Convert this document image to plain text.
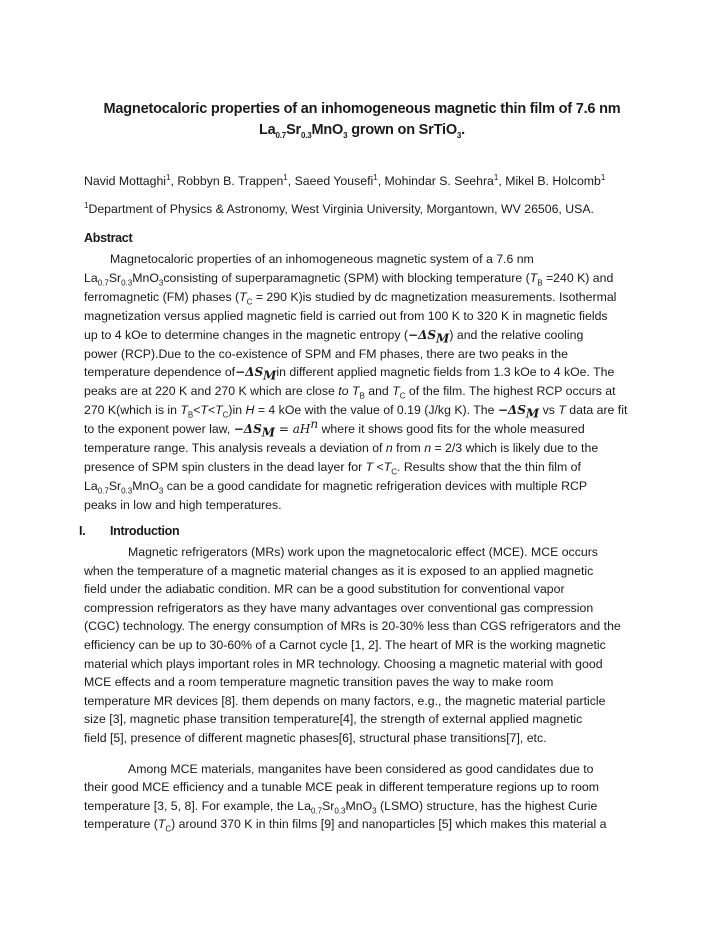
Magnetocaloric properties of an inhomogeneous magnetic thin film of 7.6 nm
$La_{0.7}Sr_{0.3}MnO_3$ grown on SrTiO$_3$.
Navid Mottaghi$^1$, Robbyn B. Trappen$^1$, Saeed Yousefi$^1$, Mohindar S. Seehra$^1$, Mikel B. Holcomb$^1$
$^1$Department of Physics & Astronomy, West Virginia University, Morgantown, WV 26506, USA.
Abstract
Magnetocaloric properties of an inhomogeneous magnetic system of a 7.6 nm
$La_{0.7}Sr_{0.3}MnO_3consisting$ of superparamagnetic (SPM) with blocking temperature ($T_B =240$ K) and
ferromagnetic (FM) phases ($T_C = 290$ K)is studied by dc magnetization measurements. Isothermal
magnetization versus applied magnetic field is carried out from 100 K to 320 K in magnetic fields
up to 4 kOe to determine changes in the magnetic entropy $(-\Delta S_M)$ and the relative cooling
power (RCP).Due to the co-existence of SPM and FM phases, there are two peaks in the
temperature dependence $of-\Delta S_Min$ different applied magnetic fields from 1.3 kOe to 4 kOe. The
peaks are at 220 K and 270 K which are close to $T_B$ and $T_C$ of the film. The highest RCP occurs at
270 K(which is in $T_B<T<T_C)in$ H = 4 kOe with the value of 0.19 (J/kg K). The $-\Delta S_M$ vs T data are fit
to the exponent power law, $-\Delta S_M = aH^n$ where it shows good fits for the whole measured
temperature range. This analysis reveals a deviation of n from n = 2/3 which is likely due to the
presence of SPM spin clusters in the dead layer for $T <T_C$. Results show that the thin film of
$La_{0.7}Sr_{0.3}MnO_3$ can be a good candidate for magnetic refrigeration devices with multiple RCP
peaks in low and high temperatures.
I. Introduction
Magnetic refrigerators (MRs) work upon the magnetocaloric effect (MCE). MCE occurs
when the temperature of a magnetic material changes as it is exposed to an applied magnetic
field under the adiabatic condition. MR can be a good substitution for conventional vapor
compression refrigerators as they have many advantages over conventional gas compression
(CGC) technology. The energy consumption of MRs is 20-30% less than CGS refrigerators and the
efficiency can be up to 30-60% of a Carnot cycle [1, 2]. The heart of MR is the working magnetic
material which plays important roles in MR technology. Choosing a magnetic material with good
MCE effects and a room temperature magnetic transition paves the way to make room
temperature MR devices [8]. them depends on many factors, e.g., the magnetic material particle
size [3], magnetic phase transition temperature[4], the strength of external applied magnetic
field [5], presence of different magnetic phases[6], structural phase transitions[7], etc.
Among MCE materials, manganites have been considered as good candidates due to
their good MCE efficiency and a tunable MCE peak in different temperature regions up to room
temperature [3, 5, 8]. For example, the $La_{0.7}Sr_{0.3}MnO_3$ (LSMO) structure, has the highest Curie
temperature $(T_C)$ around 370 K in thin films [9] and nanoparticles [5] which makes this material a
